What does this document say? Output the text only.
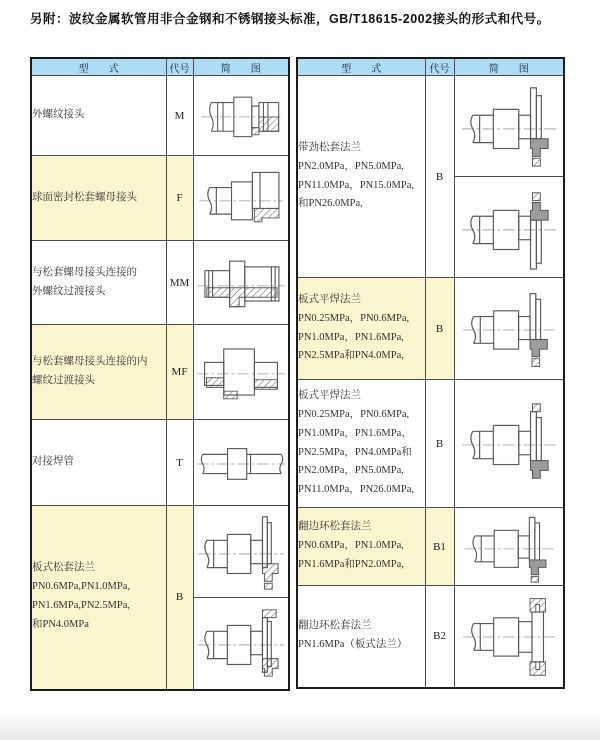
另附：波纹金属软管用非合金钢和不锈钢接头标准，GB/T18615-2002接头的形式和代号。
型　　式	代号	简　　图
外螺纹接头	M	
球面密封松套螺母接头	F	
与松套螺母接头连接的
外螺纹过渡接头	MM	
与松套螺母接头连接的内
螺纹过渡接头	MF	
对接焊管	T	
板式松套法兰
PN0.6MPa,PN1.0MPa,
PN1.6MPa,PN2.5MPa,
和PN4.0MPa	B	

型　　式	代号	简　　图
带劲松套法兰
PN2.0MPa，PN5.0MPa,
PN11.0MPa，PN15.0MPa,
和PN26.0MPa,	B	

板式平焊法兰
PN0.25MPa，PN0.6MPa,
PN1.0MPa，PN1.6MPa,
PN2.5MPa和PN4.0MPa,	B	
板式平焊法兰
PN0.25MPa，PN0.6MPa,
PN1.0MPa，PN1.6MPa、
PN2.5MPa，PN4.0MPa和
PN2.0MPa，PN5.0MPa,
PN11.0MPa，PN26.0MPa,	B	
翻边环松套法兰
PN0.6MPa，PN1.0MPa,
PN1.6MPa和PN2.0MPa,	B1	
翻边环松套法兰
PN1.6MPa（板式法兰）	B2	
